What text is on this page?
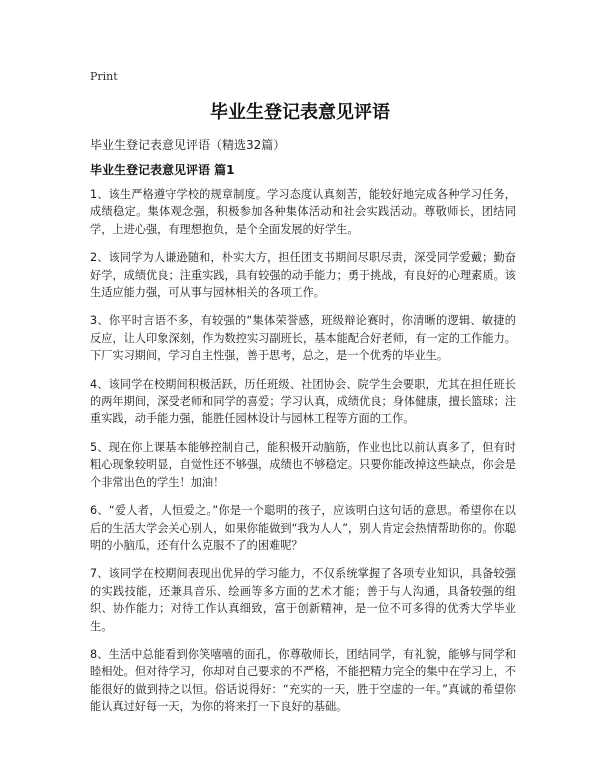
Print
毕业生登记表意见评语
毕业生登记表意见评语（精选32篇）
毕业生登记表意见评语 篇1

1、该生严格遵守学校的规章制度。学习态度认真刻苦，能较好地完成各种学习任务，成绩稳定。集体观念强，积极参加各种集体活动和社会实践活动。尊敬师长，团结同学，上进心强，有理想抱负，是个全面发展的好学生。

2、该同学为人谦逊随和，朴实大方，担任团支书期间尽职尽责，深受同学爱戴；勤奋好学，成绩优良；注重实践，具有较强的动手能力；勇于挑战，有良好的心理素质。该生适应能力强，可从事与园林相关的各项工作。

3、你平时言语不多，有较强的“集体荣誉感，班级辩论赛时，你清晰的逻辑、敏捷的反应，让人印象深刻，作为数控实习副班长，基本能配合好老师，有一定的工作能力。下厂实习期间，学习自主性强，善于思考，总之，是一个优秀的毕业生。

4、该同学在校期间积极活跃，历任班级、社团协会、院学生会要职，尤其在担任班长的两年期间，深受老师和同学的喜爱；学习认真，成绩优良；身体健康，擅长篮球；注重实践，动手能力强，能胜任园林设计与园林工程等方面的工作。

5、现在你上课基本能够控制自己，能积极开动脑筋，作业也比以前认真多了，但有时粗心现象较明显，自觉性还不够强，成绩也不够稳定。只要你能改掉这些缺点，你会是个非常出色的学生！加油！

6、“爱人者，人恒爱之。”你是一个聪明的孩子，应该明白这句话的意思。希望你在以后的生活大学会关心别人，如果你能做到“我为人人”，别人肯定会热情帮助你的。你聪明的小脑瓜，还有什么克服不了的困难呢？

7、该同学在校期间表现出优异的学习能力，不仅系统掌握了各项专业知识，具备较强的实践技能，还兼具音乐、绘画等多方面的艺术才能；善于与人沟通，具备较强的组织、协作能力；对待工作认真细致，富于创新精神，是一位不可多得的优秀大学毕业生。

8、生活中总能看到你笑嘻嘻的面孔，你尊敬师长，团结同学，有礼貌，能够与同学和睦相处。但对待学习，你却对自己要求的不严格，不能把精力完全的集中在学习上，不能很好的做到持之以恒。俗话说得好：“充实的一天，胜于空虚的一年。”真诚的希望你能认真过好每一天，为你的将来打一下良好的基础。
